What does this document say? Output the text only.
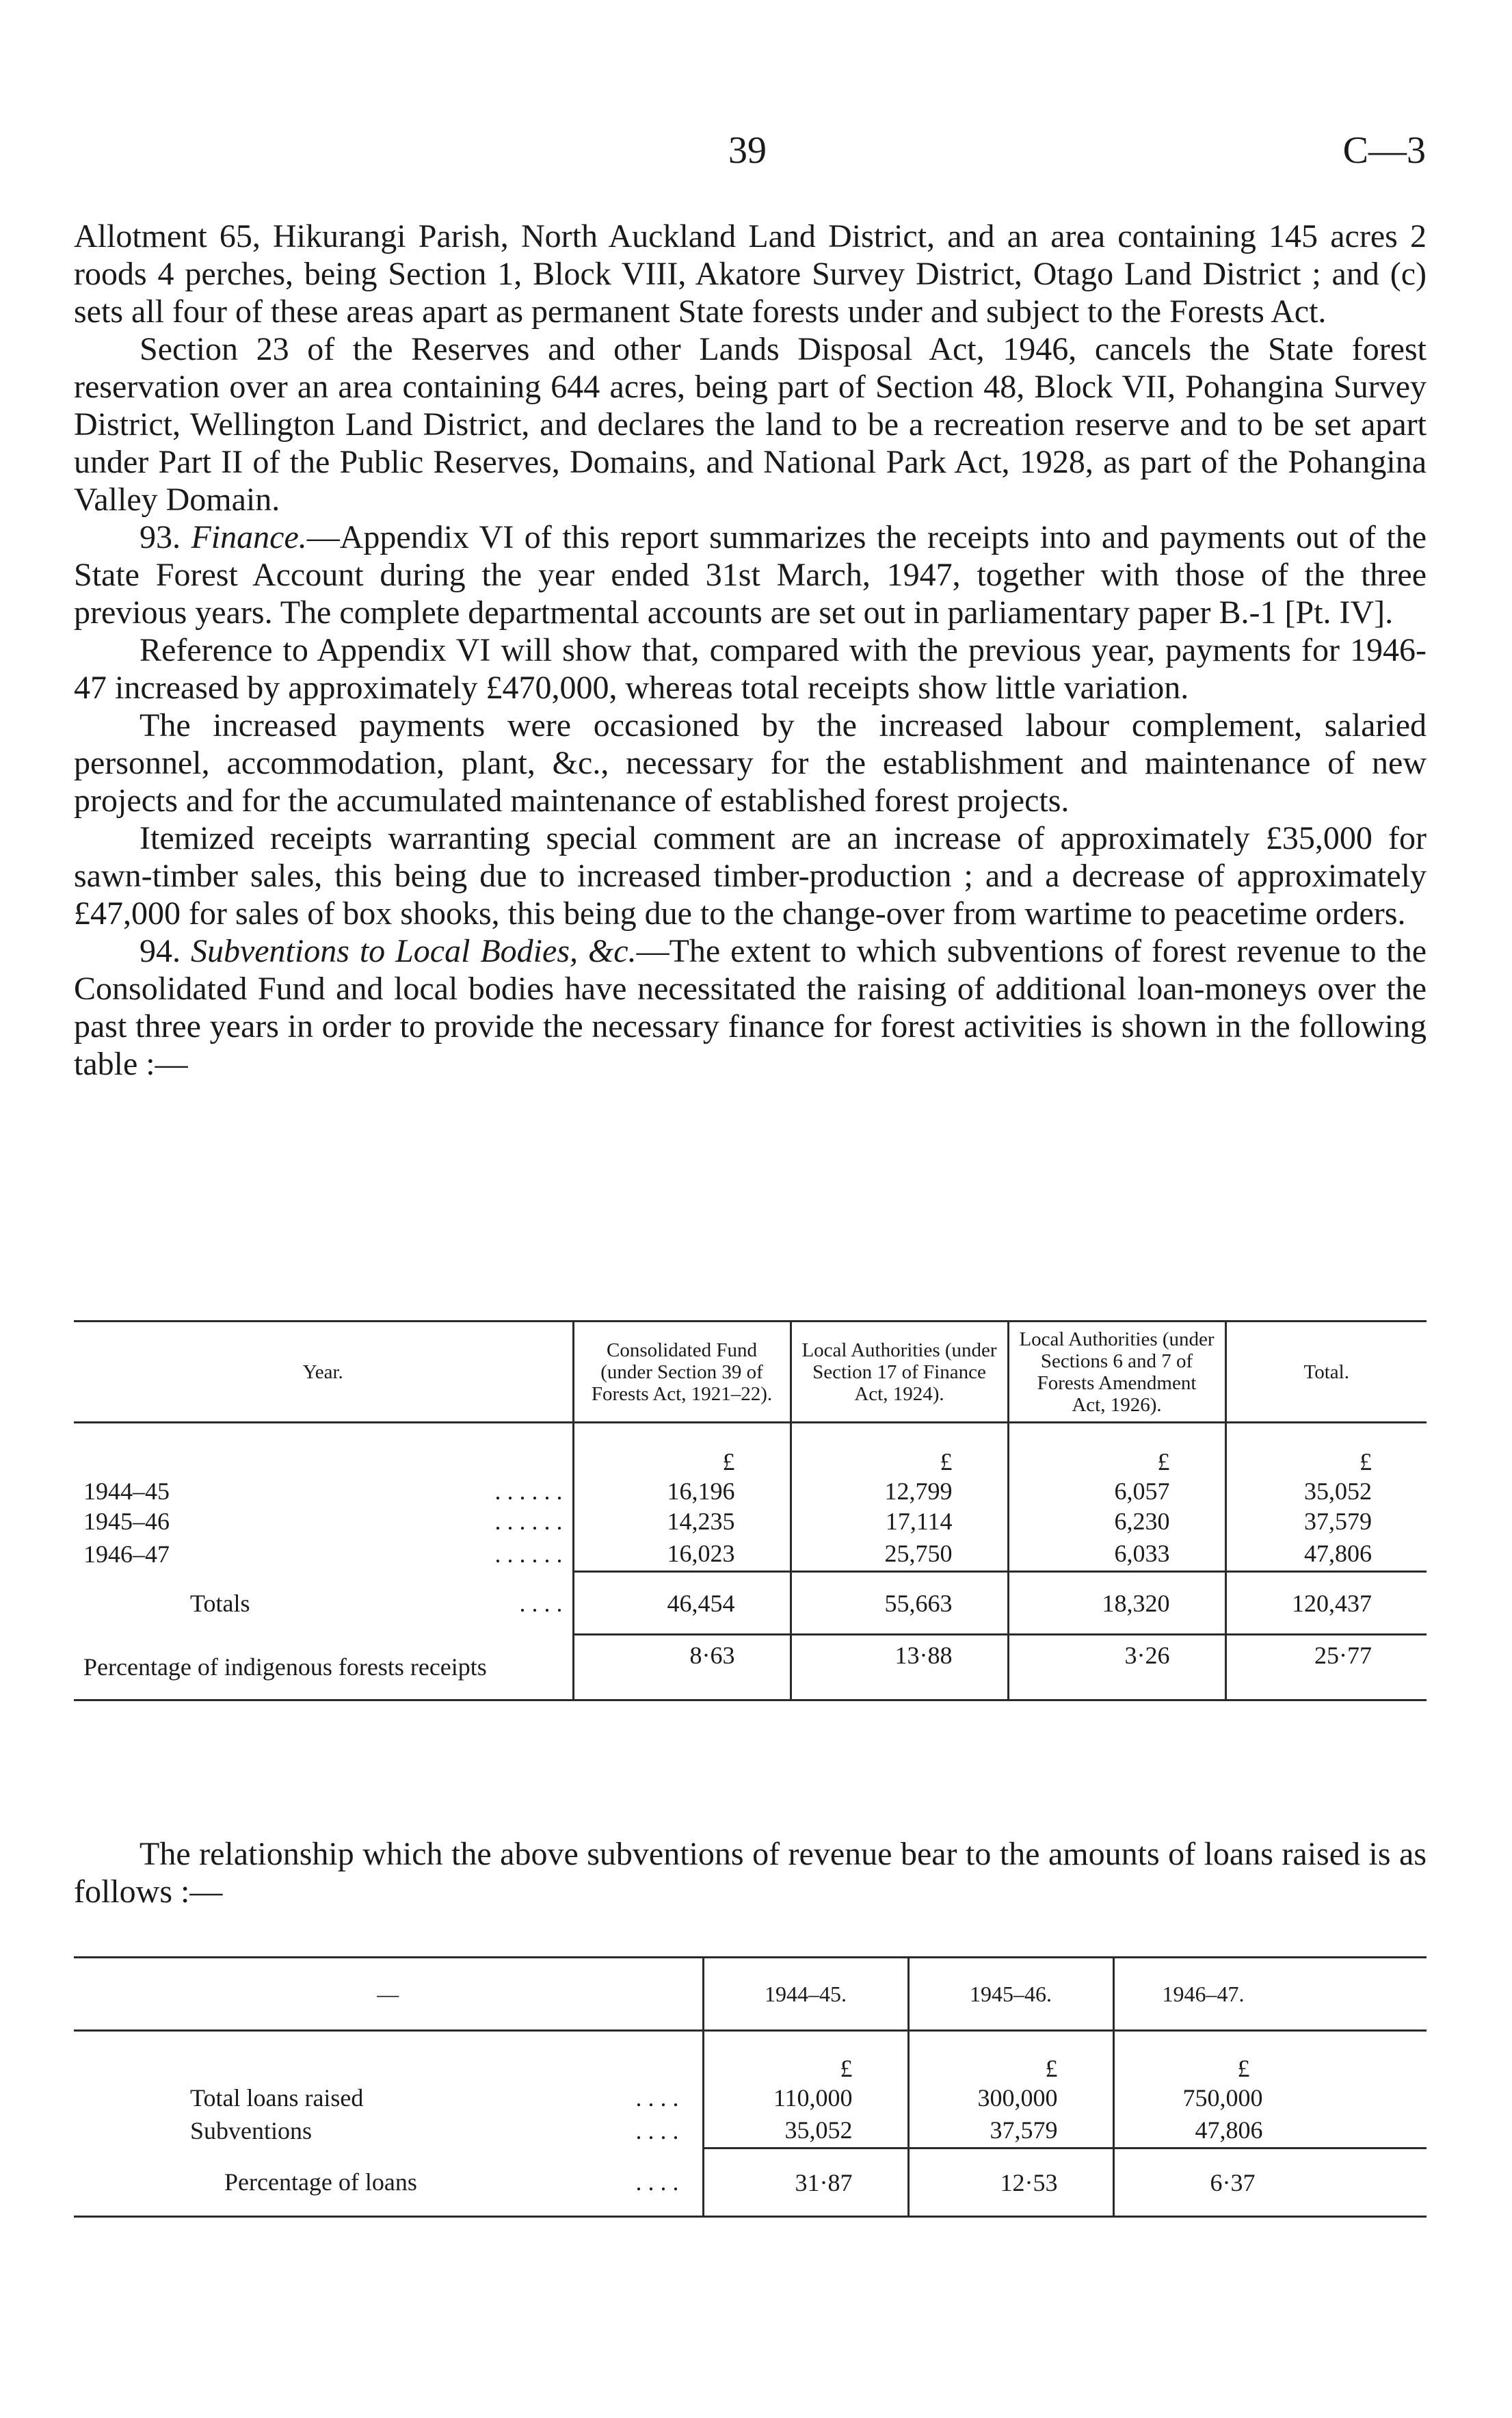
39	C—3

Allotment 65, Hikurangi Parish, North Auckland Land District, and an area containing 145 acres 2 roods 4 perches, being Section 1, Block VIII, Akatore Survey District, Otago Land District ; and (c) sets all four of these areas apart as permanent State forests under and subject to the Forests Act.

Section 23 of the Reserves and other Lands Disposal Act, 1946, cancels the State forest reservation over an area containing 644 acres, being part of Section 48, Block VII, Pohangina Survey District, Wellington Land District, and declares the land to be a recreation reserve and to be set apart under Part II of the Public Reserves, Domains, and National Park Act, 1928, as part of the Pohangina Valley Domain.

93. Finance.—Appendix VI of this report summarizes the receipts into and payments out of the State Forest Account during the year ended 31st March, 1947, together with those of the three previous years. The complete departmental accounts are set out in parliamentary paper B.-1 [Pt. IV].

Reference to Appendix VI will show that, compared with the previous year, payments for 1946-47 increased by approximately £470,000, whereas total receipts show little variation.

The increased payments were occasioned by the increased labour complement, salaried personnel, accommodation, plant, &c., necessary for the establishment and maintenance of new projects and for the accumulated maintenance of established forest projects.

Itemized receipts warranting special comment are an increase of approximately £35,000 for sawn-timber sales, this being due to increased timber-production ; and a decrease of approximately £47,000 for sales of box shooks, this being due to the change-over from wartime to peacetime orders.

94. Subventions to Local Bodies, &c.—The extent to which subventions of forest revenue to the Consolidated Fund and local bodies have necessitated the raising of additional loan-moneys over the past three years in order to provide the necessary finance for forest activities is shown in the following table :—

Year.	Consolidated Fund (under Section 39 of Forests Act, 1921–22).	Local Authorities (under Section 17 of Finance Act, 1924).	Local Authorities (under Sections 6 and 7 of Forests Amendment Act, 1926).	Total.
	£	£	£	£
1944–45 . . . . . .	16,196	12,799	6,057	35,052
1945–46 . . . . . .	14,235	17,114	6,230	37,579
1946–47 . . . . . .	16,023	25,750	6,033	47,806
Totals . . . .	46,454	55,663	18,320	120,437
Percentage of indigenous forests receipts	8·63	13·88	3·26	25·77

The relationship which the above subventions of revenue bear to the amounts of loans raised is as follows :—

—	1944–45.	1945–46.	1946–47.
	£	£	£
Total loans raised . . . .	110,000	300,000	750,000
Subventions . . . .	35,052	37,579	47,806
Percentage of loans . . . .	31·87	12·53	6·37
